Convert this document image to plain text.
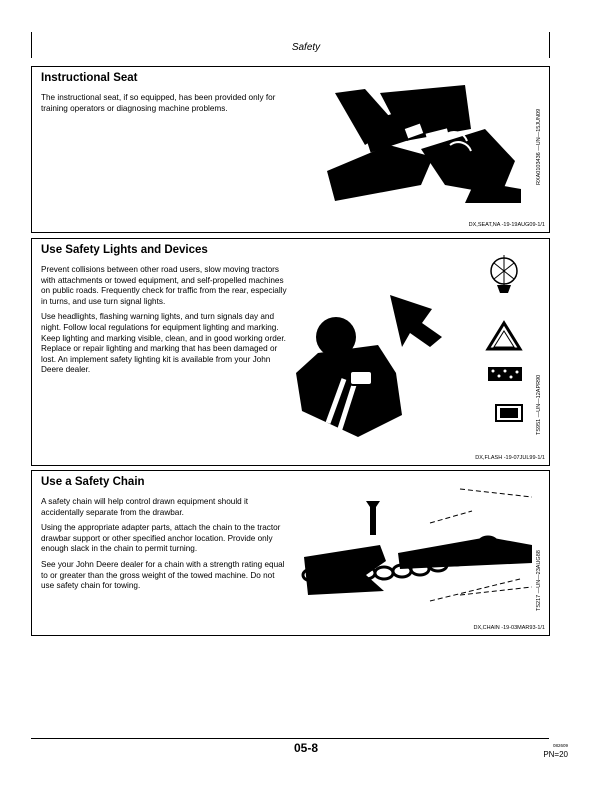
Safety
Instructional Seat

The instructional seat, if so equipped, has been provided only for training operators or diagnosing machine problems.

RXA0103436 —UN—15JUN09
DX,SEAT,NA -19-19AUG09-1/1
Use Safety Lights and Devices

Prevent collisions between other road users, slow moving tractors with attachments or towed equipment, and self-propelled machines on public roads. Frequently check for traffic from the rear, especially in turns, and use turn signal lights.

Use headlights, flashing warning lights, and turn signals day and night. Follow local regulations for equipment lighting and marking. Keep lighting and marking visible, clean, and in good working order. Replace or repair lighting and marking that has been damaged or lost. An implement safety lighting kit is available from your John Deere dealer.

TS951 —UN—12APR90
DX,FLASH -19-07JUL99-1/1
Use a Safety Chain

A safety chain will help control drawn equipment should it accidentally separate from the drawbar.

Using the appropriate adapter parts, attach the chain to the tractor drawbar support or other specified anchor location. Provide only enough slack in the chain to permit turning.

See your John Deere dealer for a chain with a strength rating equal to or greater than the gross weight of the towed machine. Do not use safety chain for towing.	TS217 —UN—23AUG88
DX,CHAIN -19-03MAR93-1/1
05-8	082609
PN=20
